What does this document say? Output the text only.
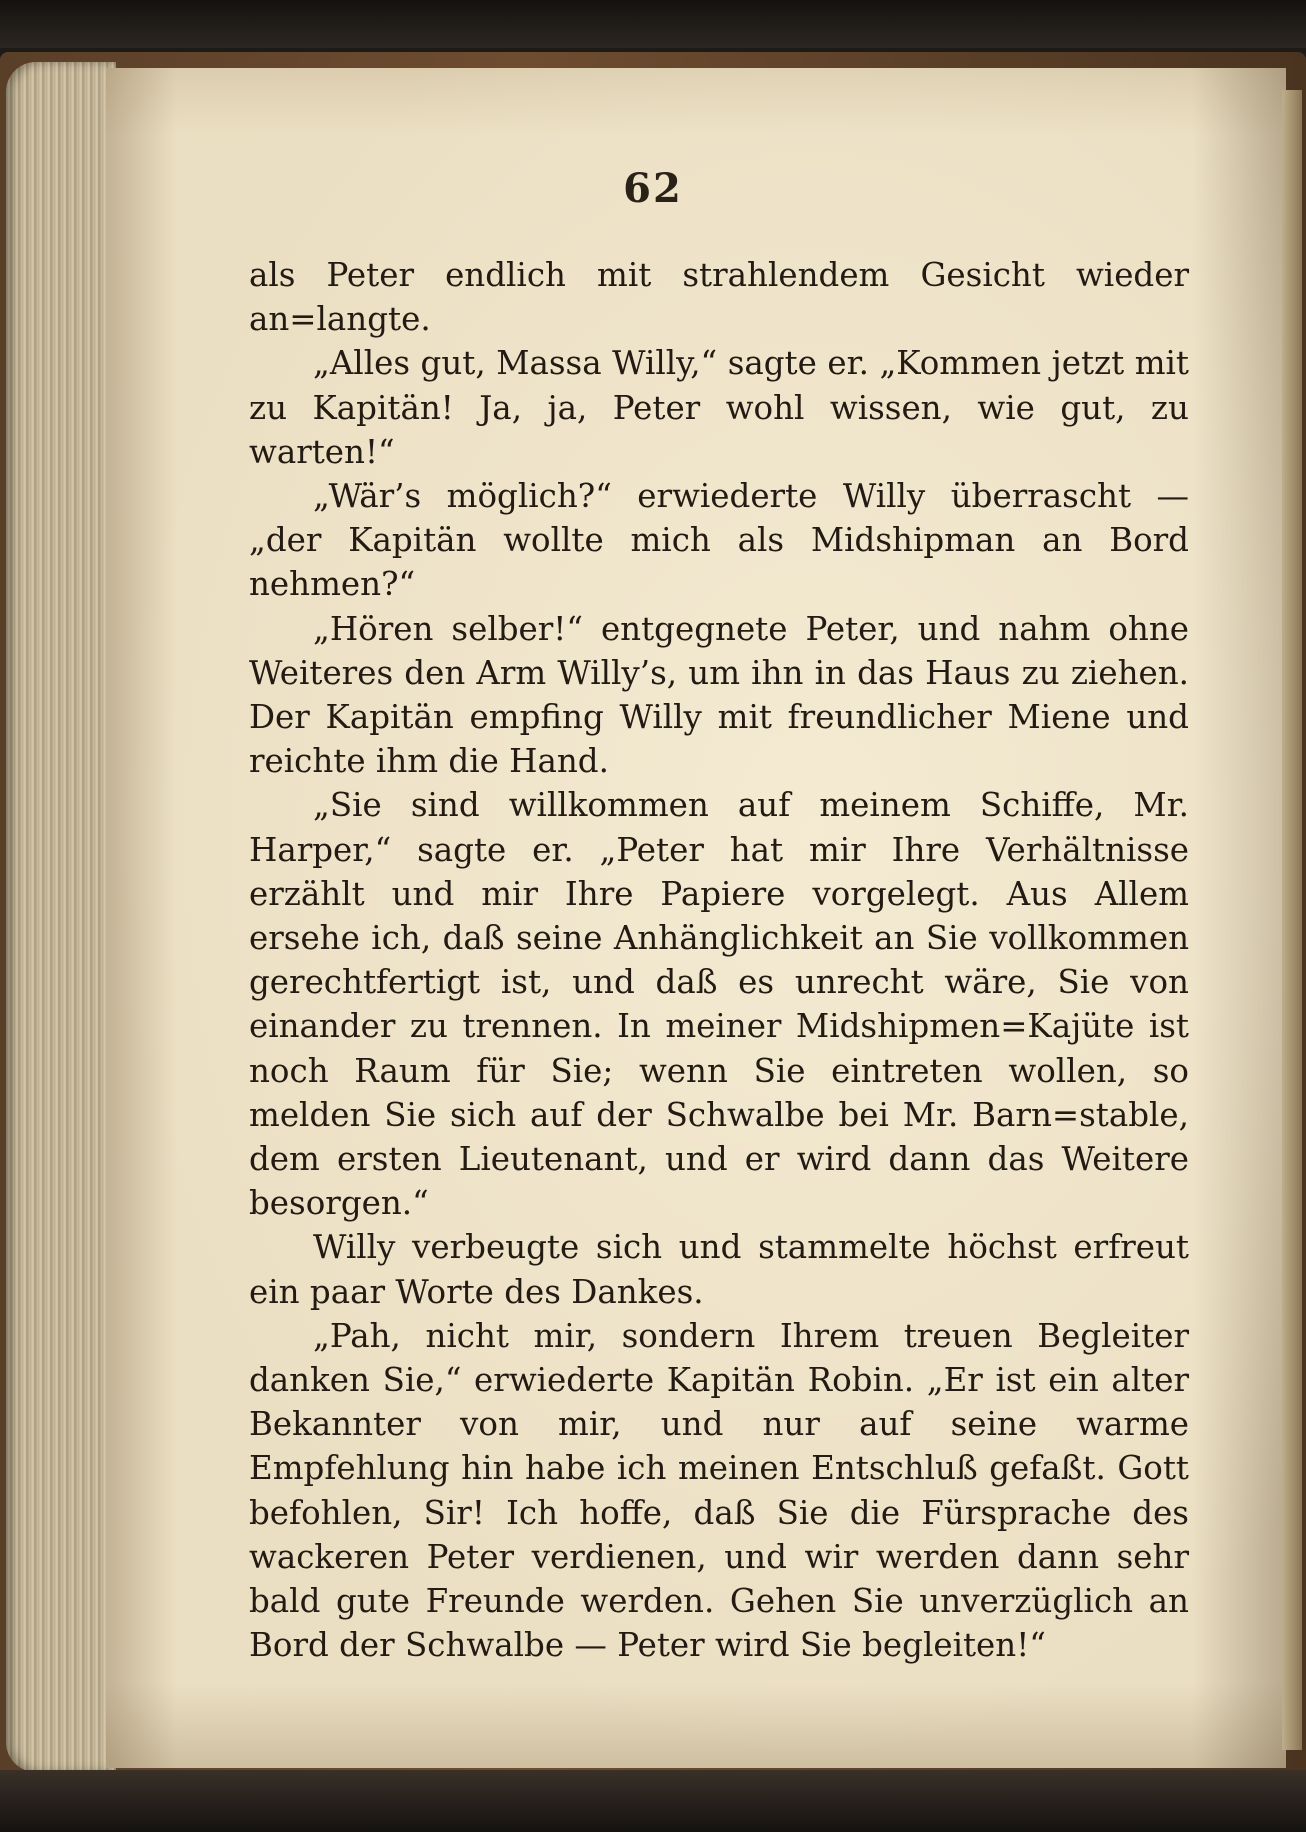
62

als Peter endlich mit strahlendem Gesicht wieder an=langte.

„Alles gut, Massa Willy,“ sagte er. „Kommen jetzt mit zu Kapitän! Ja, ja, Peter wohl wissen, wie gut, zu warten!“

„Wär’s möglich?“ erwiederte Willy überrascht — „der Kapitän wollte mich als Midshipman an Bord nehmen?“

„Hören selber!“ entgegnete Peter, und nahm ohne Weiteres den Arm Willy’s, um ihn in das Haus zu ziehen. Der Kapitän empfing Willy mit freundlicher Miene und reichte ihm die Hand.

„Sie sind willkommen auf meinem Schiffe, Mr. Harper,“ sagte er. „Peter hat mir Ihre Verhältnisse erzählt und mir Ihre Papiere vorgelegt. Aus Allem ersehe ich, daß seine Anhänglichkeit an Sie vollkommen gerechtfertigt ist, und daß es unrecht wäre, Sie von einander zu trennen. In meiner Midshipmen=Kajüte ist noch Raum für Sie; wenn Sie eintreten wollen, so melden Sie sich auf der Schwalbe bei Mr. Barn=stable, dem ersten Lieutenant, und er wird dann das Weitere besorgen.“

Willy verbeugte sich und stammelte höchst erfreut ein paar Worte des Dankes.

„Pah, nicht mir, sondern Ihrem treuen Begleiter danken Sie,“ erwiederte Kapitän Robin. „Er ist ein alter Bekannter von mir, und nur auf seine warme Empfehlung hin habe ich meinen Entschluß gefaßt. Gott befohlen, Sir! Ich hoffe, daß Sie die Fürsprache des wackeren Peter verdienen, und wir werden dann sehr bald gute Freunde werden. Gehen Sie unverzüglich an Bord der Schwalbe — Peter wird Sie begleiten!“
